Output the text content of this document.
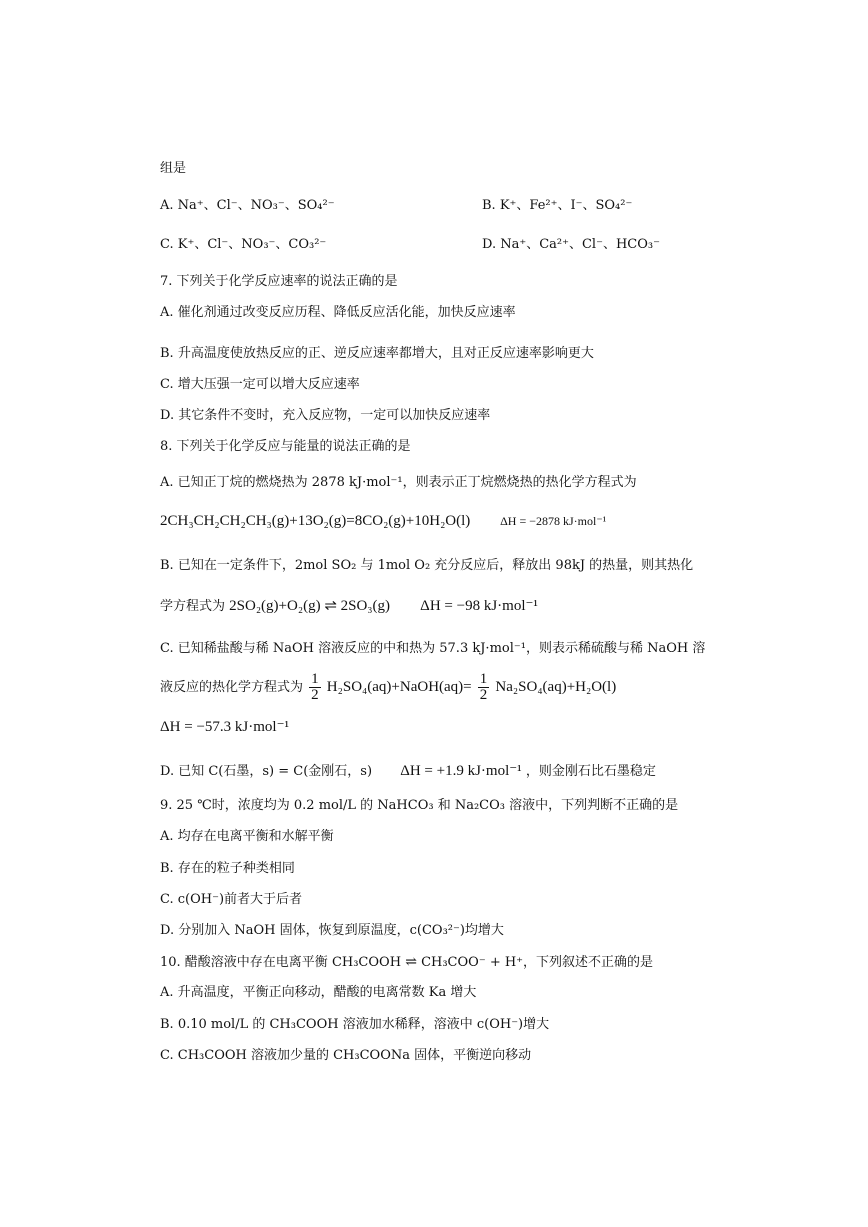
组是
A. Na⁺、Cl⁻、NO₃⁻、SO₄²⁻	B. K⁺、Fe²⁺、I⁻、SO₄²⁻
C. K⁺、Cl⁻、NO₃⁻、CO₃²⁻	D. Na⁺、Ca²⁺、Cl⁻、HCO₃⁻
7. 下列关于化学反应速率的说法正确的是
A. 催化剂通过改变反应历程、降低反应活化能，加快反应速率
B. 升高温度使放热反应的正、逆反应速率都增大，且对正反应速率影响更大
C. 增大压强一定可以增大反应速率
D. 其它条件不变时，充入反应物，一定可以加快反应速率
8. 下列关于化学反应与能量的说法正确的是
A. 已知正丁烷的燃烧热为 2878 kJ·mol⁻¹，则表示正丁烷燃烧热的热化学方程式为
2CH₃CH₂CH₂CH₃(g)+13O₂(g)=8CO₂(g)+10H₂O(l) ΔH = −2878 kJ·mol⁻¹
B. 已知在一定条件下，2mol SO₂ 与 1mol O₂ 充分反应后，释放出 98kJ 的热量，则其热化
学方程式为 2SO₂(g)+O₂(g) ⇌ 2SO₃(g) ΔH = −98 kJ·mol⁻¹
C. 已知稀盐酸与稀 NaOH 溶液反应的中和热为 57.3 kJ·mol⁻¹，则表示稀硫酸与稀 NaOH 溶
液反应的热化学方程式为 $\frac{1}{2}$ H₂SO₄(aq)+NaOH(aq)= $\frac{1}{2} Na_2SO_4(aq)+H_2O(l)$
ΔH = −57.3 kJ·mol⁻¹
D. 已知 C(石墨，s) = C(金刚石，s) ΔH = +1.9 kJ·mol⁻¹ ，则金刚石比石墨稳定
9. 25 ℃时，浓度均为 0.2 mol/L 的 NaHCO₃ 和 Na₂CO₃ 溶液中，下列判断不正确的是
A. 均存在电离平衡和水解平衡
B. 存在的粒子种类相同
C. c(OH⁻)前者大于后者
D. 分别加入 NaOH 固体，恢复到原温度，c(CO₃²⁻)均增大
10. 醋酸溶液中存在电离平衡 CH₃COOH ⇌ CH₃COO⁻ + H⁺，下列叙述不正确的是
A. 升高温度，平衡正向移动，醋酸的电离常数 Ka 增大
B. 0.10 mol/L 的 CH₃COOH 溶液加水稀释，溶液中 c(OH⁻)增大
C. CH₃COOH 溶液加少量的 CH₃COONa 固体，平衡逆向移动
